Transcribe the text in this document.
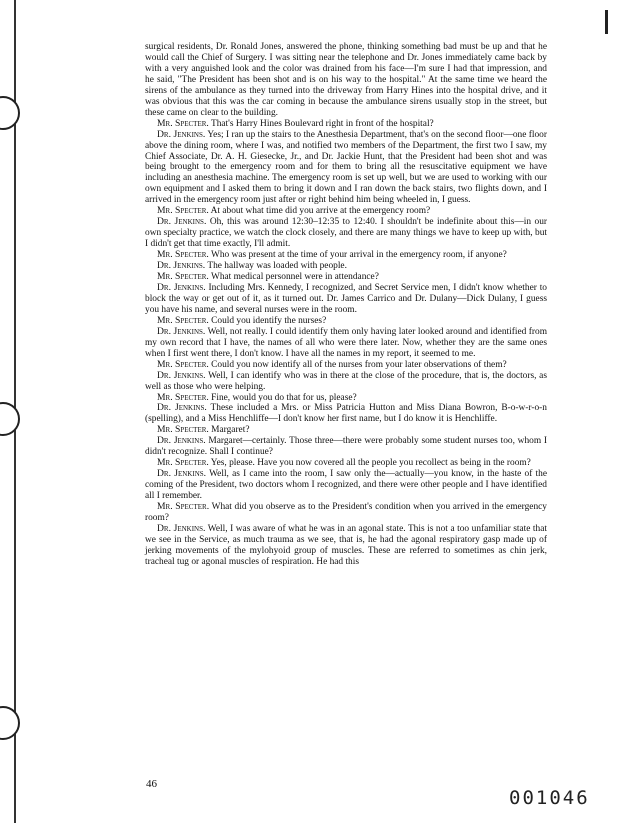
surgical residents, Dr. Ronald Jones, answered the phone, thinking something bad must be up and that he would call the Chief of Surgery. I was sitting near the telephone and Dr. Jones immediately came back by with a very anguished look and the color was drained from his face—I'm sure I had that impression, and he said, "The President has been shot and is on his way to the hospital." At the same time we heard the sirens of the ambulance as they turned into the driveway from Harry Hines into the hospital drive, and it was obvious that this was the car coming in because the ambulance sirens usually stop in the street, but these came on clear to the building.

Mr. Specter. That's Harry Hines Boulevard right in front of the hospital?

Dr. Jenkins. Yes; I ran up the stairs to the Anesthesia Department, that's on the second floor—one floor above the dining room, where I was, and notified two members of the Department, the first two I saw, my Chief Associate, Dr. A. H. Giesecke, Jr., and Dr. Jackie Hunt, that the President had been shot and was being brought to the emergency room and for them to bring all the resuscitative equipment we have including an anesthesia machine. The emergency room is set up well, but we are used to working with our own equipment and I asked them to bring it down and I ran down the back stairs, two flights down, and I arrived in the emergency room just after or right behind him being wheeled in, I guess.

Mr. Specter. At about what time did you arrive at the emergency room?

Dr. Jenkins. Oh, this was around 12:30–12:35 to 12:40. I shouldn't be indefinite about this—in our own specialty practice, we watch the clock closely, and there are many things we have to keep up with, but I didn't get that time exactly, I'll admit.

Mr. Specter. Who was present at the time of your arrival in the emergency room, if anyone?

Dr. Jenkins. The hallway was loaded with people.

Mr. Specter. What medical personnel were in attendance?

Dr. Jenkins. Including Mrs. Kennedy, I recognized, and Secret Service men, I didn't know whether to block the way or get out of it, as it turned out. Dr. James Carrico and Dr. Dulany—Dick Dulany, I guess you have his name, and several nurses were in the room.

Mr. Specter. Could you identify the nurses?

Dr. Jenkins. Well, not really. I could identify them only having later looked around and identified from my own record that I have, the names of all who were there later. Now, whether they are the same ones when I first went there, I don't know. I have all the names in my report, it seemed to me.

Mr. Specter. Could you now identify all of the nurses from your later observations of them?

Dr. Jenkins. Well, I can identify who was in there at the close of the procedure, that is, the doctors, as well as those who were helping.

Mr. Specter. Fine, would you do that for us, please?

Dr. Jenkins. These included a Mrs. or Miss Patricia Hutton and Miss Diana Bowron, B-o-w-r-o-n (spelling), and a Miss Henchliffe—I don't know her first name, but I do know it is Henchliffe.

Mr. Specter. Margaret?

Dr. Jenkins. Margaret—certainly. Those three—there were probably some student nurses too, whom I didn't recognize. Shall I continue?

Mr. Specter. Yes, please. Have you now covered all the people you recollect as being in the room?

Dr. Jenkins. Well, as I came into the room, I saw only the—actually—you know, in the haste of the coming of the President, two doctors whom I recognized, and there were other people and I have identified all I remember.

Mr. Specter. What did you observe as to the President's condition when you arrived in the emergency room?

Dr. Jenkins. Well, I was aware of what he was in an agonal state. This is not a too unfamiliar state that we see in the Service, as much trauma as we see, that is, he had the agonal respiratory gasp made up of jerking movements of the mylohyoid group of muscles. These are referred to sometimes as chin jerk, tracheal tug or agonal muscles of respiration. He had this

46
001046
